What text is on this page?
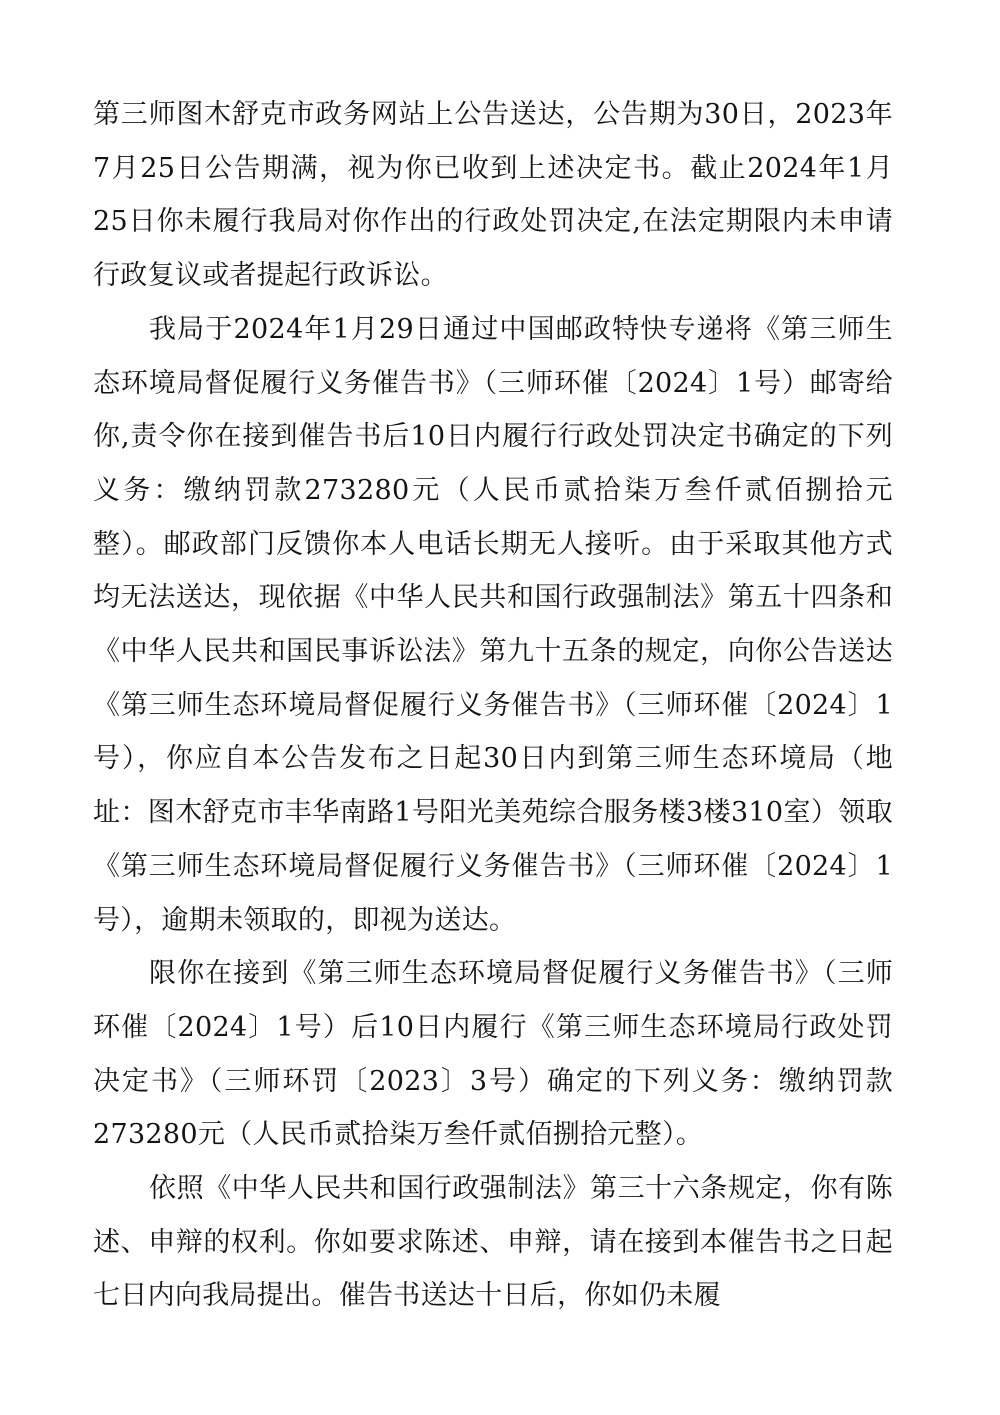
第三师图木舒克市政务网站上公告送达，公告期为30日，2023年7月25日公告期满，视为你已收到上述决定书。截止2024年1月25日你未履行我局对你作出的行政处罚决定,在法定期限内未申请行政复议或者提起行政诉讼。

我局于2024年1月29日通过中国邮政特快专递将《第三师生态环境局督促履行义务催告书》（三师环催〔2024〕1号）邮寄给你,责令你在接到催告书后10日内履行行政处罚决定书确定的下列义务：缴纳罚款273280元（人民币贰拾柒万叁仟贰佰捌拾元整）。邮政部门反馈你本人电话长期无人接听。由于采取其他方式均无法送达，现依据《中华人民共和国行政强制法》第五十四条和《中华人民共和国民事诉讼法》第九十五条的规定，向你公告送达《第三师生态环境局督促履行义务催告书》（三师环催〔2024〕1号），你应自本公告发布之日起30日内到第三师生态环境局（地址：图木舒克市丰华南路1号阳光美苑综合服务楼3楼310室）领取《第三师生态环境局督促履行义务催告书》（三师环催〔2024〕1号），逾期未领取的，即视为送达。

限你在接到《第三师生态环境局督促履行义务催告书》（三师环催〔2024〕1号）后10日内履行《第三师生态环境局行政处罚决定书》（三师环罚〔2023〕3号）确定的下列义务：缴纳罚款273280元（人民币贰拾柒万叁仟贰佰捌拾元整）。

依照《中华人民共和国行政强制法》第三十六条规定，你有陈述、申辩的权利。你如要求陈述、申辩，请在接到本催告书之日起七日内向我局提出。催告书送达十日后，你如仍未履
